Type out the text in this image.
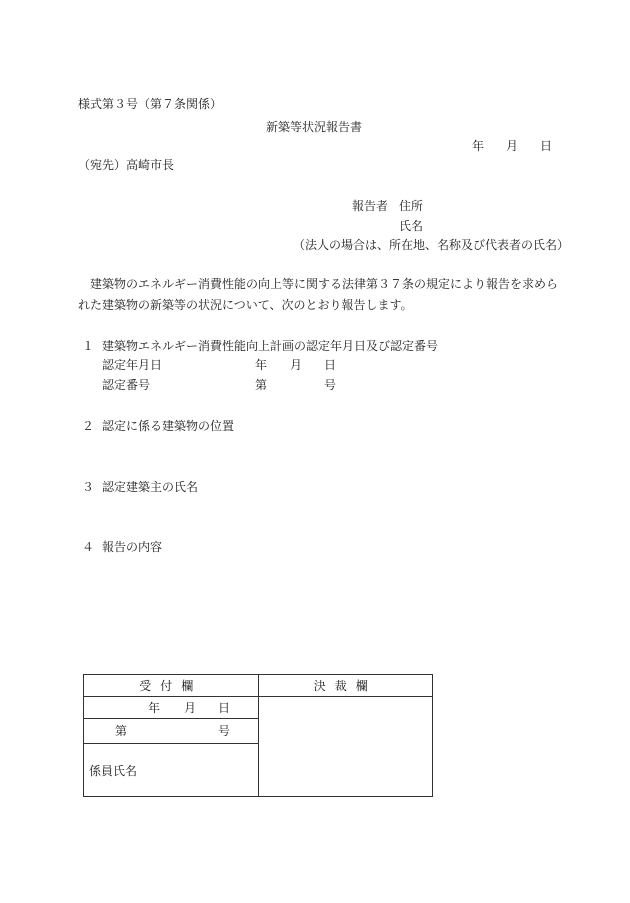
様式第３号（第７条関係）
新築等状況報告書
年 月 日
（宛先）高崎市長
報告者 住所
氏名
（法人の場合は、所在地、名称及び代表者の氏名）
建築物のエネルギー消費性能の向上等に関する法律第３７条の規定により報告を求めら
れた建築物の新築等の状況について、次のとおり報告します。
１ 建築物エネルギー消費性能向上計画の認定年月日及び認定番号
認定年月日	年 月 日
認定番号	第	号
２ 認定に係る建築物の位置
３ 認定建築主の氏名
４ 報告の内容
受付欄	決裁欄

年 月 日	

第 号	

係員氏名	
